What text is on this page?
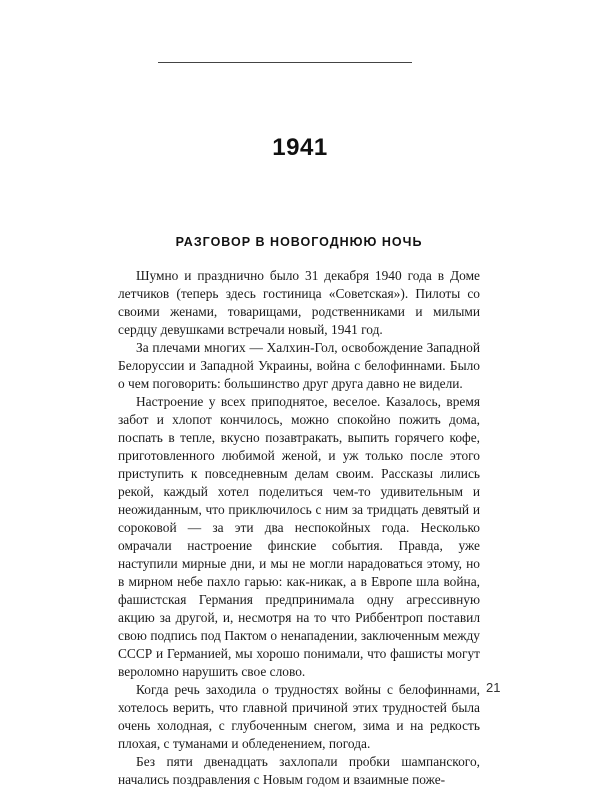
1941
РАЗГОВОР В НОВОГОДНЮЮ НОЧЬ

Шумно и празднично было 31 декабря 1940 года в Доме летчиков (теперь здесь гостиница «Советская»). Пилоты со своими женами, товарищами, родственниками и милыми сердцу девушками встречали новый, 1941 год.

За плечами многих — Халхин-Гол, освобождение Западной Белоруссии и Западной Украины, война с белофиннами. Было о чем поговорить: большинство друг друга давно не видели.

Настроение у всех приподнятое, веселое. Казалось, время забот и хлопот кончилось, можно спокойно пожить дома, поспать в тепле, вкусно позавтракать, выпить горячего кофе, приготовленного любимой женой, и уж только после этого приступить к повседневным делам своим. Рассказы лились рекой, каждый хотел поделиться чем-то удивительным и неожиданным, что приключилось с ним за тридцать девятый и сороковой — за эти два неспокойных года. Несколько омрачали настроение финские события. Правда, уже наступили мирные дни, и мы не могли нарадоваться этому, но в мирном небе пахло гарью: как-никак, а в Европе шла война, фашистская Германия предпринимала одну агрессивную акцию за другой, и, несмотря на то что Риббентроп поставил свою подпись под Пактом о ненападении, заключенным между СССР и Германией, мы хорошо понимали, что фашисты могут вероломно нарушить свое слово.

Когда речь заходила о трудностях войны с белофиннами, хотелось верить, что главной причиной этих трудностей была очень холодная, с глубоченным снегом, зима и на редкость плохая, с туманами и обледенением, погода.

Без пяти двенадцать захлопали пробки шампанского, начались поздравления с Новым годом и взаимные поже-

21
